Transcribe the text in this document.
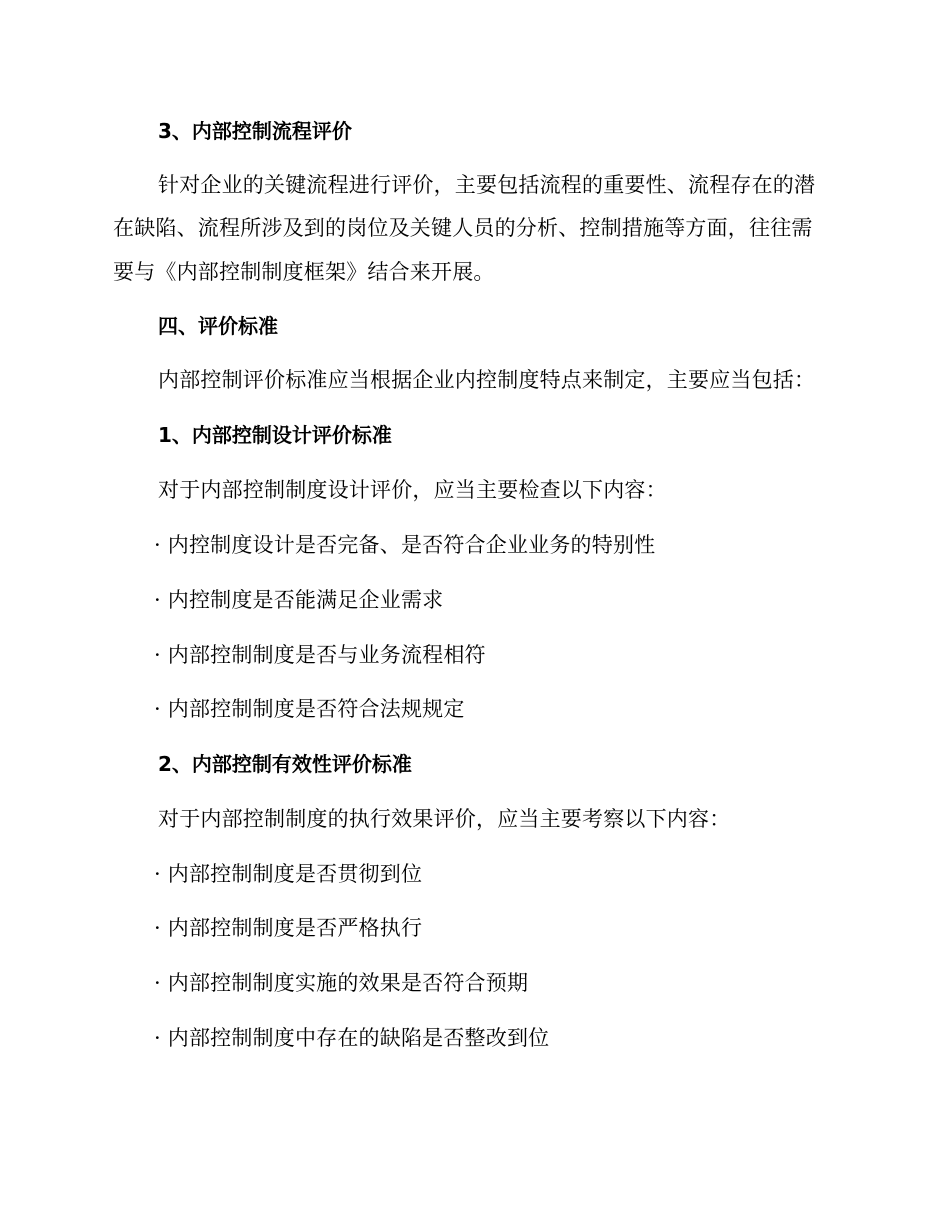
3、内部控制流程评价
针对企业的关键流程进行评价，主要包括流程的重要性、流程存在的潜
在缺陷、流程所涉及到的岗位及关键人员的分析、控制措施等方面，往往需
要与《内部控制制度框架》结合来开展。
四、评价标准
内部控制评价标准应当根据企业内控制度特点来制定，主要应当包括：
1、内部控制设计评价标准
对于内部控制制度设计评价，应当主要检查以下内容：
· 内控制度设计是否完备、是否符合企业业务的特别性
· 内控制度是否能满足企业需求
· 内部控制制度是否与业务流程相符
· 内部控制制度是否符合法规规定
2、内部控制有效性评价标准
对于内部控制制度的执行效果评价，应当主要考察以下内容：
· 内部控制制度是否贯彻到位
· 内部控制制度是否严格执行
· 内部控制制度实施的效果是否符合预期
· 内部控制制度中存在的缺陷是否整改到位
